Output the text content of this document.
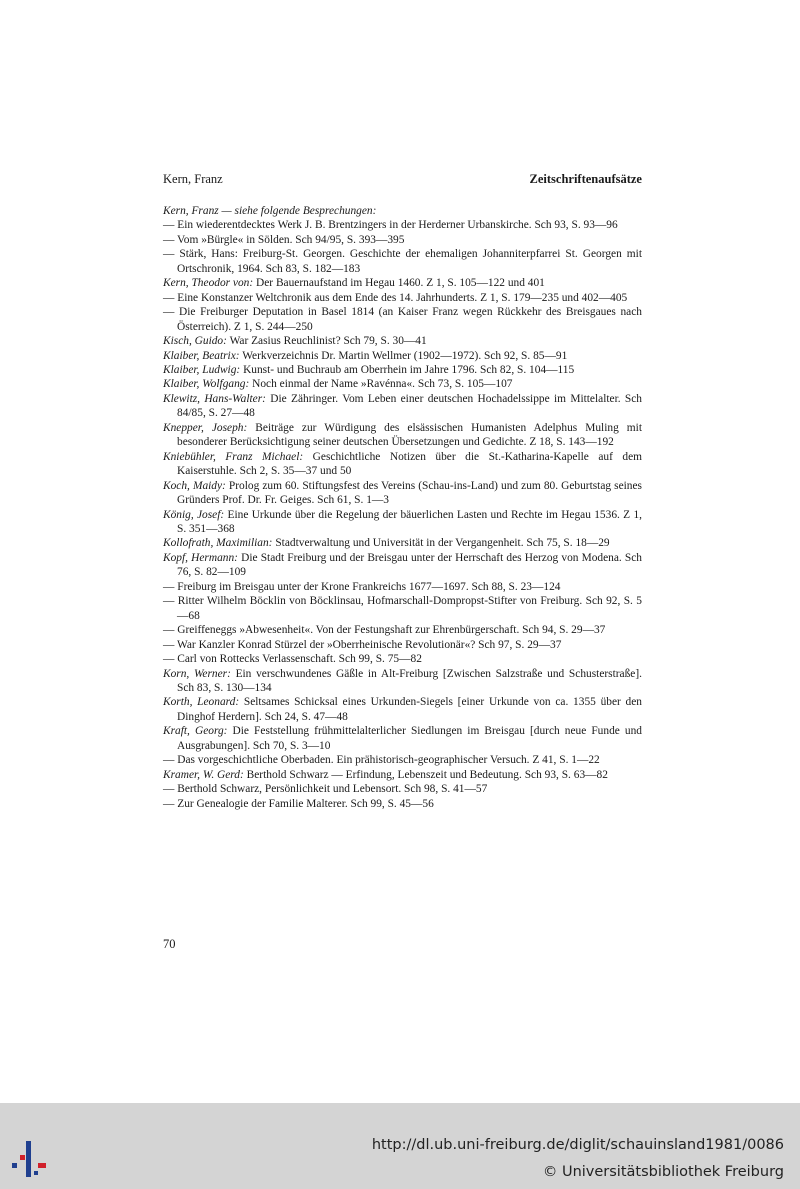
Kern, Franz	Zeitschriftenaufsätze
Kern, Franz — siehe folgende Besprechungen:
— Ein wiederentdecktes Werk J. B. Brentzingers in der Herderner Urbanskirche. Sch 93, S. 93—96
— Vom »Bürgle« in Sölden. Sch 94/95, S. 393—395
— Stärk, Hans: Freiburg-St. Georgen. Geschichte der ehemaligen Johanniterpfarrei St. Georgen mit Ortschronik, 1964. Sch 83, S. 182—183
Kern, Theodor von: Der Bauernaufstand im Hegau 1460. Z 1, S. 105—122 und 401
— Eine Konstanzer Weltchronik aus dem Ende des 14. Jahrhunderts. Z 1, S. 179—235 und 402—405
— Die Freiburger Deputation in Basel 1814 (an Kaiser Franz wegen Rückkehr des Breisgaues nach Österreich). Z 1, S. 244—250
Kisch, Guido: War Zasius Reuchlinist? Sch 79, S. 30—41
Klaiber, Beatrix: Werkverzeichnis Dr. Martin Wellmer (1902—1972). Sch 92, S. 85—91
Klaiber, Ludwig: Kunst- und Buchraub am Oberrhein im Jahre 1796. Sch 82, S. 104—115
Klaiber, Wolfgang: Noch einmal der Name »Ravénna«. Sch 73, S. 105—107
Klewitz, Hans-Walter: Die Zähringer. Vom Leben einer deutschen Hochadelssippe im Mittelalter. Sch 84/85, S. 27—48
Knepper, Joseph: Beiträge zur Würdigung des elsässischen Humanisten Adelphus Muling mit besonderer Berücksichtigung seiner deutschen Übersetzungen und Gedichte. Z 18, S. 143—192
Kniebühler, Franz Michael: Geschichtliche Notizen über die St.-Katharina-Kapelle auf dem Kaiserstuhle. Sch 2, S. 35—37 und 50
Koch, Maidy: Prolog zum 60. Stiftungsfest des Vereins (Schau-ins-Land) und zum 80. Geburtstag seines Gründers Prof. Dr. Fr. Geiges. Sch 61, S. 1—3
König, Josef: Eine Urkunde über die Regelung der bäuerlichen Lasten und Rechte im Hegau 1536. Z 1, S. 351—368
Kollofrath, Maximilian: Stadtverwaltung und Universität in der Vergangenheit. Sch 75, S. 18—29
Kopf, Hermann: Die Stadt Freiburg und der Breisgau unter der Herrschaft des Herzog von Modena. Sch 76, S. 82—109
— Freiburg im Breisgau unter der Krone Frankreichs 1677—1697. Sch 88, S. 23—124
— Ritter Wilhelm Böcklin von Böcklinsau, Hofmarschall-Dompropst-Stifter von Freiburg. Sch 92, S. 5—68
— Greiffeneggs »Abwesenheit«. Von der Festungshaft zur Ehrenbürgerschaft. Sch 94, S. 29—37
— War Kanzler Konrad Stürzel der »Oberrheinische Revolutionär«? Sch 97, S. 29—37
— Carl von Rottecks Verlassenschaft. Sch 99, S. 75—82
Korn, Werner: Ein verschwundenes Gäßle in Alt-Freiburg [Zwischen Salzstraße und Schusterstraße]. Sch 83, S. 130—134
Korth, Leonard: Seltsames Schicksal eines Urkunden-Siegels [einer Urkunde von ca. 1355 über den Dinghof Herdern]. Sch 24, S. 47—48
Kraft, Georg: Die Feststellung frühmittelalterlicher Siedlungen im Breisgau [durch neue Funde und Ausgrabungen]. Sch 70, S. 3—10
— Das vorgeschichtliche Oberbaden. Ein prähistorisch-geographischer Versuch. Z 41, S. 1—22
Kramer, W. Gerd: Berthold Schwarz — Erfindung, Lebenszeit und Bedeutung. Sch 93, S. 63—82
— Berthold Schwarz, Persönlichkeit und Lebensort. Sch 98, S. 41—57
— Zur Genealogie der Familie Malterer. Sch 99, S. 45—56
70
http://dl.ub.uni-freiburg.de/diglit/schauinsland1981/0086
© Universitätsbibliothek Freiburg
